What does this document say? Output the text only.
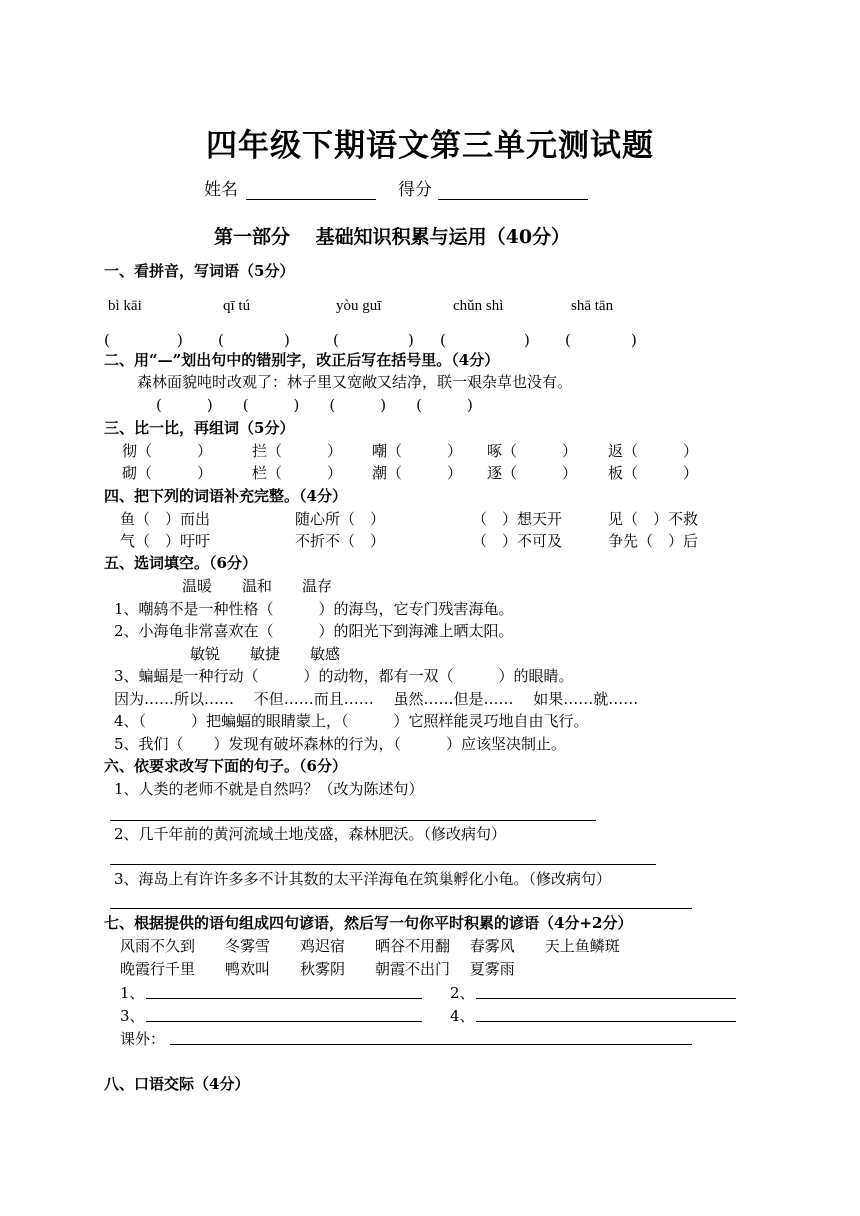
四年级下期语文第三单元测试题
姓名	得分
第一部分　 基础知识积累与运用（40分）
一、看拼音，写词语（5分）
bì kāi	qī tú	yòu guī	chǔn shì	shā tān
(	) (	)	(	) (	) (	)
二、用“—”划出句中的错别字，改正后写在括号里。（4分）
森林面貌吨时改观了：林子里又宽敞又结净，联一艰杂草也没有。
(　　　)　　(　　　)　　(　　　)　　(　　　)
三、比一比，再组词（5分）
彻（　　　）	拦（　　　） 嘲（　　　） 啄（　　　） 返（　　　）
砌（　　　）	栏（　　　） 潮（　　　） 逐（　　　） 板（　　　）
四、把下列的词语补充完整。（4分）
鱼（　）而出	随心所（　）	（　）想天开	见（　）不救
气（　）吁吁	不折不（　）	（　）不可及	争先（　）后
五、选词填空。（6分）
温暖　　温和　　温存
1、嘲鸫不是一种性格（　　　）的海鸟，它专门残害海龟。
2、小海龟非常喜欢在（　　　）的阳光下到海滩上晒太阳。
敏锐　　敏捷　　敏感
3、蝙蝠是一种行动（　　　）的动物，都有一双（　　　）的眼睛。
因为……所以……　 不但……而且……　 虽然……但是……　 如果……就……
4、（　　　）把蝙蝠的眼睛蒙上，（　　　）它照样能灵巧地自由飞行。
5、我们（　　）发现有破坏森林的行为，（　　　）应该坚决制止。
六、依要求改写下面的句子。（6分）
1、人类的老师不就是自然吗？（改为陈述句）
2、几千年前的黄河流域土地茂盛，森林肥沃。（修改病句）
3、海岛上有许许多多不计其数的太平洋海龟在筑巢孵化小龟。（修改病句）
七、根据提供的语句组成四句谚语，然后写一句你平时积累的谚语（4分+2分）
风雨不久到　　冬雾雪　　鸡迟宿　　晒谷不用翻　 春雾风　　天上鱼鳞斑
晚霞行千里　　鸭欢叫　　秋雾阴　　朝霞不出门　 夏雾雨
1、	2、
3、	4、
课外：
八、口语交际（4分）
